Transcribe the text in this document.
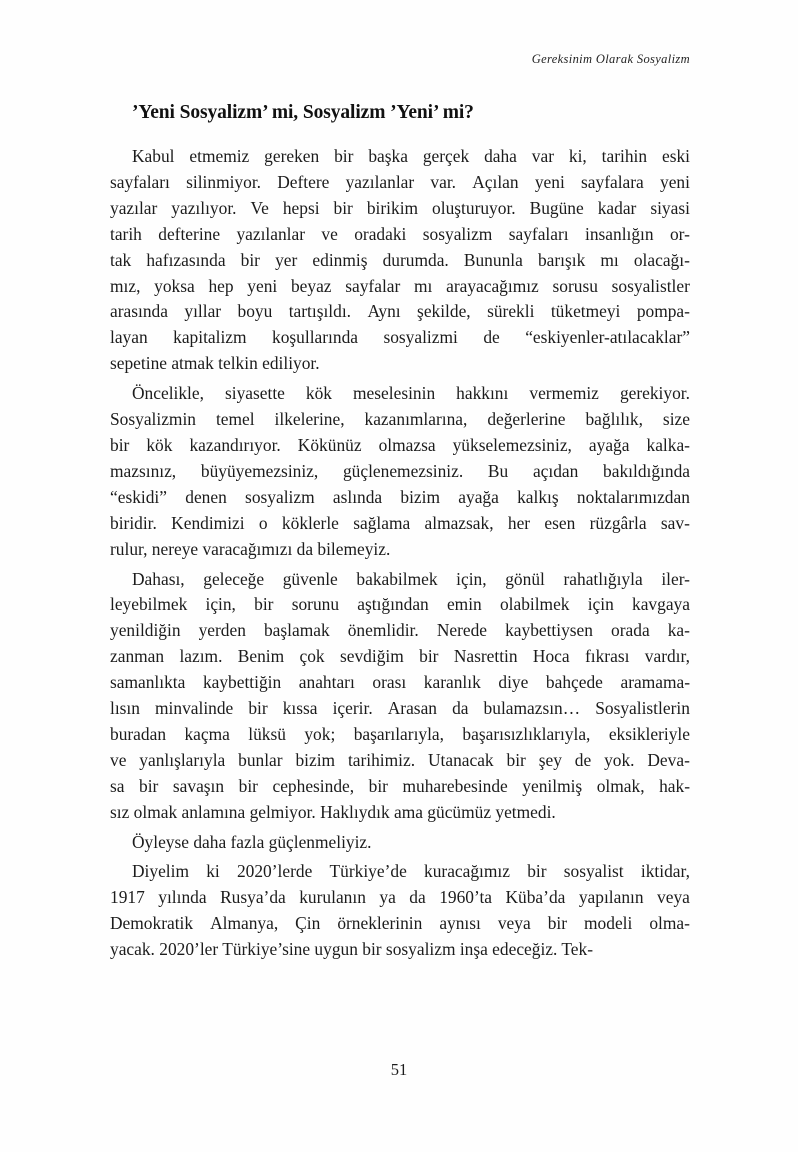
Gereksinim Olarak Sosyalizm
’Yeni Sosyalizm’ mi, Sosyalizm ’Yeni’ mi?

Kabul etmemiz gereken bir başka gerçek daha var ki, tarihin eski
sayfaları silinmiyor. Deftere yazılanlar var. Açılan yeni sayfalara yeni
yazılar yazılıyor. Ve hepsi bir birikim oluşturuyor. Bugüne kadar siyasi
tarih defterine yazılanlar ve oradaki sosyalizm sayfaları insanlığın or-
tak hafızasında bir yer edinmiş durumda. Bununla barışık mı olacağı-
mız, yoksa hep yeni beyaz sayfalar mı arayacağımız sorusu sosyalistler
arasında yıllar boyu tartışıldı. Aynı şekilde, sürekli tüketmeyi pompa-
layan kapitalizm koşullarında sosyalizmi de “eskiyenler-atılacaklar”
sepetine atmak telkin ediliyor.

Öncelikle, siyasette kök meselesinin hakkını vermemiz gerekiyor.
Sosyalizmin temel ilkelerine, kazanımlarına, değerlerine bağlılık, size
bir kök kazandırıyor. Kökünüz olmazsa yükselemezsiniz, ayağa kalka-
mazsınız, büyüyemezsiniz, güçlenemezsiniz. Bu açıdan bakıldığında
“eskidi” denen sosyalizm aslında bizim ayağa kalkış noktalarımızdan
biridir. Kendimizi o köklerle sağlama almazsak, her esen rüzgârla sav-
rulur, nereye varacağımızı da bilemeyiz.

Dahası, geleceğe güvenle bakabilmek için, gönül rahatlığıyla iler-
leyebilmek için, bir sorunu aştığından emin olabilmek için kavgaya
yenildiğin yerden başlamak önemlidir. Nerede kaybettiysen orada ka-
zanman lazım. Benim çok sevdiğim bir Nasrettin Hoca fıkrası vardır,
samanlıkta kaybettiğin anahtarı orası karanlık diye bahçede aramama-
lısın minvalinde bir kıssa içerir. Arasan da bulamazsın… Sosyalistlerin
buradan kaçma lüksü yok; başarılarıyla, başarısızlıklarıyla, eksikleriyle
ve yanlışlarıyla bunlar bizim tarihimiz. Utanacak bir şey de yok. Deva-
sa bir savaşın bir cephesinde, bir muharebesinde yenilmiş olmak, hak-
sız olmak anlamına gelmiyor. Haklıydık ama gücümüz yetmedi.

Öyleyse daha fazla güçlenmeliyiz.

Diyelim ki 2020’lerde Türkiye’de kuracağımız bir sosyalist iktidar,
1917 yılında Rusya’da kurulanın ya da 1960’ta Küba’da yapılanın veya
Demokratik Almanya, Çin örneklerinin aynısı veya bir modeli olma-
yacak. 2020’ler Türkiye’sine uygun bir sosyalizm inşa edeceğiz. Tek-

51
